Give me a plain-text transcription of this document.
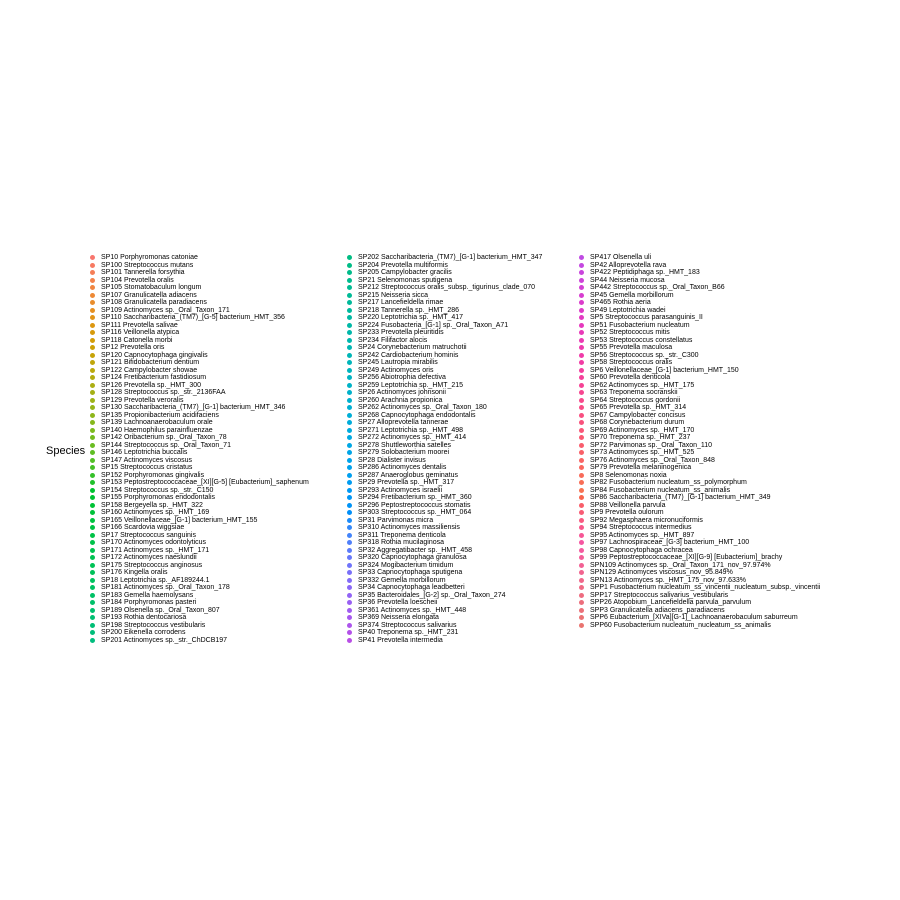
Species
SP10 Porphyromonas catoniae
SP100 Streptococcus mutans
SP101 Tannerella forsythia
SP104 Prevotella oralis
SP105 Stomatobaculum longum
SP107 Granulicatella adiacens
SP108 Granulicatella paradiacens
SP109 Actinomyces sp._Oral_Taxon_171
SP110 Saccharibacteria_(TM7)_[G-5] bacterium_HMT_356
SP111 Prevotella salivae
SP116 Veillonella atypica
SP118 Catonella morbi
SP12 Prevotella oris
SP120 Capnocytophaga gingivalis
SP121 Bifidobacterium dentium
SP122 Campylobacter showae
SP124 Fretibacterium fastidiosum
SP126 Prevotella sp._HMT_300
SP128 Streptococcus sp._str._2136FAA
SP129 Prevotella veroralis
SP130 Saccharibacteria_(TM7)_[G-1] bacterium_HMT_346
SP135 Propionibacterium acidifaciens
SP139 Lachnoanaerobaculum orale
SP140 Haemophilus parainfluenzae
SP142 Oribacterium sp._Oral_Taxon_78
SP144 Streptococcus sp._Oral_Taxon_71
SP146 Leptotrichia buccalis
SP147 Actinomyces viscosus
SP15 Streptococcus cristatus
SP152 Porphyromonas gingivalis
SP153 Peptostreptococcaceae_[XI][G-5] [Eubacterium]_saphenum
SP154 Streptococcus sp._str._C150
SP155 Porphyromonas endodontalis
SP158 Bergeyella sp._HMT_322
SP160 Actinomyces sp._HMT_169
SP165 Veillonellaceae_[G-1] bacterium_HMT_155
SP166 Scardovia wiggsiae
SP17 Streptococcus sanguinis
SP170 Actinomyces odontolyticus
SP171 Actinomyces sp._HMT_171
SP172 Actinomyces naeslundii
SP175 Streptococcus anginosus
SP176 Kingella oralis
SP18 Leptotrichia sp._AF189244.1
SP181 Actinomyces sp._Oral_Taxon_178
SP183 Gemella haemolysans
SP184 Porphyromonas pasteri
SP189 Olsenella sp._Oral_Taxon_807
SP193 Rothia dentocariosa
SP198 Streptococcus vestibularis
SP200 Eikenella corrodens
SP201 Actinomyces sp._str._ChDCB197
SP202 Saccharibacteria_(TM7)_[G-1] bacterium_HMT_347
SP204 Prevotella multiformis
SP205 Campylobacter gracilis
SP21 Selenomonas sputigena
SP212 Streptococcus oralis_subsp._tigurinus_clade_070
SP215 Neisseria sicca
SP217 Lancefieldella rimae
SP218 Tannerella sp._HMT_286
SP220 Leptotrichia sp._HMT_417
SP224 Fusobacteria_[G-1] sp._Oral_Taxon_A71
SP233 Prevotella pleuritidis
SP234 Filifactor alocis
SP24 Corynebacterium matruchotii
SP242 Cardiobacterium hominis
SP245 Lautropia mirabilis
SP249 Actinomyces oris
SP256 Abiotrophia defectiva
SP259 Leptotrichia sp._HMT_215
SP26 Actinomyces johnsonii
SP260 Arachnia propionica
SP262 Actinomyces sp._Oral_Taxon_180
SP268 Capnocytophaga endodontalis
SP27 Alloprevotella tannerae
SP271 Leptotrichia sp._HMT_498
SP272 Actinomyces sp._HMT_414
SP278 Shuttleworthia satelles
SP279 Solobacterium moorei
SP28 Dialister invisus
SP286 Actinomyces dentalis
SP287 Anaeroglobus geminatus
SP29 Prevotella sp._HMT_317
SP293 Actinomyces israelii
SP294 Fretibacterium sp._HMT_360
SP296 Peptostreptococcus stomatis
SP303 Streptococcus sp._HMT_064
SP31 Parvimonas micra
SP310 Actinomyces massiliensis
SP311 Treponema denticola
SP318 Rothia mucilaginosa
SP32 Aggregatibacter sp._HMT_458
SP320 Capnocytophaga granulosa
SP324 Mogibacterium timidum
SP33 Capnocytophaga sputigena
SP332 Gemella morbillorum
SP34 Capnocytophaga leadbetteri
SP35 Bacteroidales_[G-2] sp._Oral_Taxon_274
SP36 Prevotella loescheii
SP361 Actinomyces sp._HMT_448
SP369 Neisseria elongata
SP374 Streptococcus salivarius
SP40 Treponema sp._HMT_231
SP41 Prevotella intermedia
SP417 Olsenella uli
SP42 Alloprevotella rava
SP422 Peptidiphaga sp._HMT_183
SP44 Neisseria mucosa
SP442 Streptococcus sp._Oral_Taxon_B66
SP45 Gemella morbillorum
SP465 Rothia aeria
SP49 Leptotrichia wadei
SP5 Streptococcus parasanguinis_II
SP51 Fusobacterium nucleatum
SP52 Streptococcus mitis
SP53 Streptococcus constellatus
SP55 Prevotella maculosa
SP56 Streptococcus sp._str._C300
SP58 Streptococcus oralis
SP6 Veillonellaceae_[G-1] bacterium_HMT_150
SP60 Prevotella denticola
SP62 Actinomyces sp._HMT_175
SP63 Treponema socranskii
SP64 Streptococcus gordonii
SP65 Prevotella sp._HMT_314
SP67 Campylobacter concisus
SP68 Corynebacterium durum
SP69 Actinomyces sp._HMT_170
SP70 Treponema sp._HMT_237
SP72 Parvimonas sp._Oral_Taxon_110
SP73 Actinomyces sp._HMT_525
SP76 Actinomyces sp._Oral_Taxon_848
SP79 Prevotella melaninogenica
SP8 Selenomonas noxia
SP82 Fusobacterium nucleatum_ss_polymorphum
SP84 Fusobacterium nucleatum_ss_animalis
SP86 Saccharibacteria_(TM7)_[G-1] bacterium_HMT_349
SP88 Veillonella parvula
SP9 Prevotella oulorum
SP92 Megasphaera micronuciformis
SP94 Streptococcus intermedius
SP95 Actinomyces sp._HMT_897
SP97 Lachnospiraceae_[G-3] bacterium_HMT_100
SP98 Capnocytophaga ochracea
SP99 Peptostreptococcaceae_[XI][G-9] [Eubacterium]_brachy
SPN109 Actinomyces sp._Oral_Taxon_171_nov_97.974%
SPN129 Actinomyces viscosus_nov_95.849%
SPN13 Actinomyces sp._HMT_175_nov_97.633%
SPP1 Fusobacterium nucleatum_ss_vincentii_nucleatum_subsp._vincentii
SPP17 Streptococcus salivarius_vestibularis
SPP26 Atopobium_Lancefieldella parvula_parvulum
SPP3 Granulicatella adiacens_paradiacens
SPP6 Eubacterium_[XIVa][G-1]_Lachnoanaerobaculum saburreum
SPP60 Fusobacterium nucleatum_nucleatum_ss_animalis
